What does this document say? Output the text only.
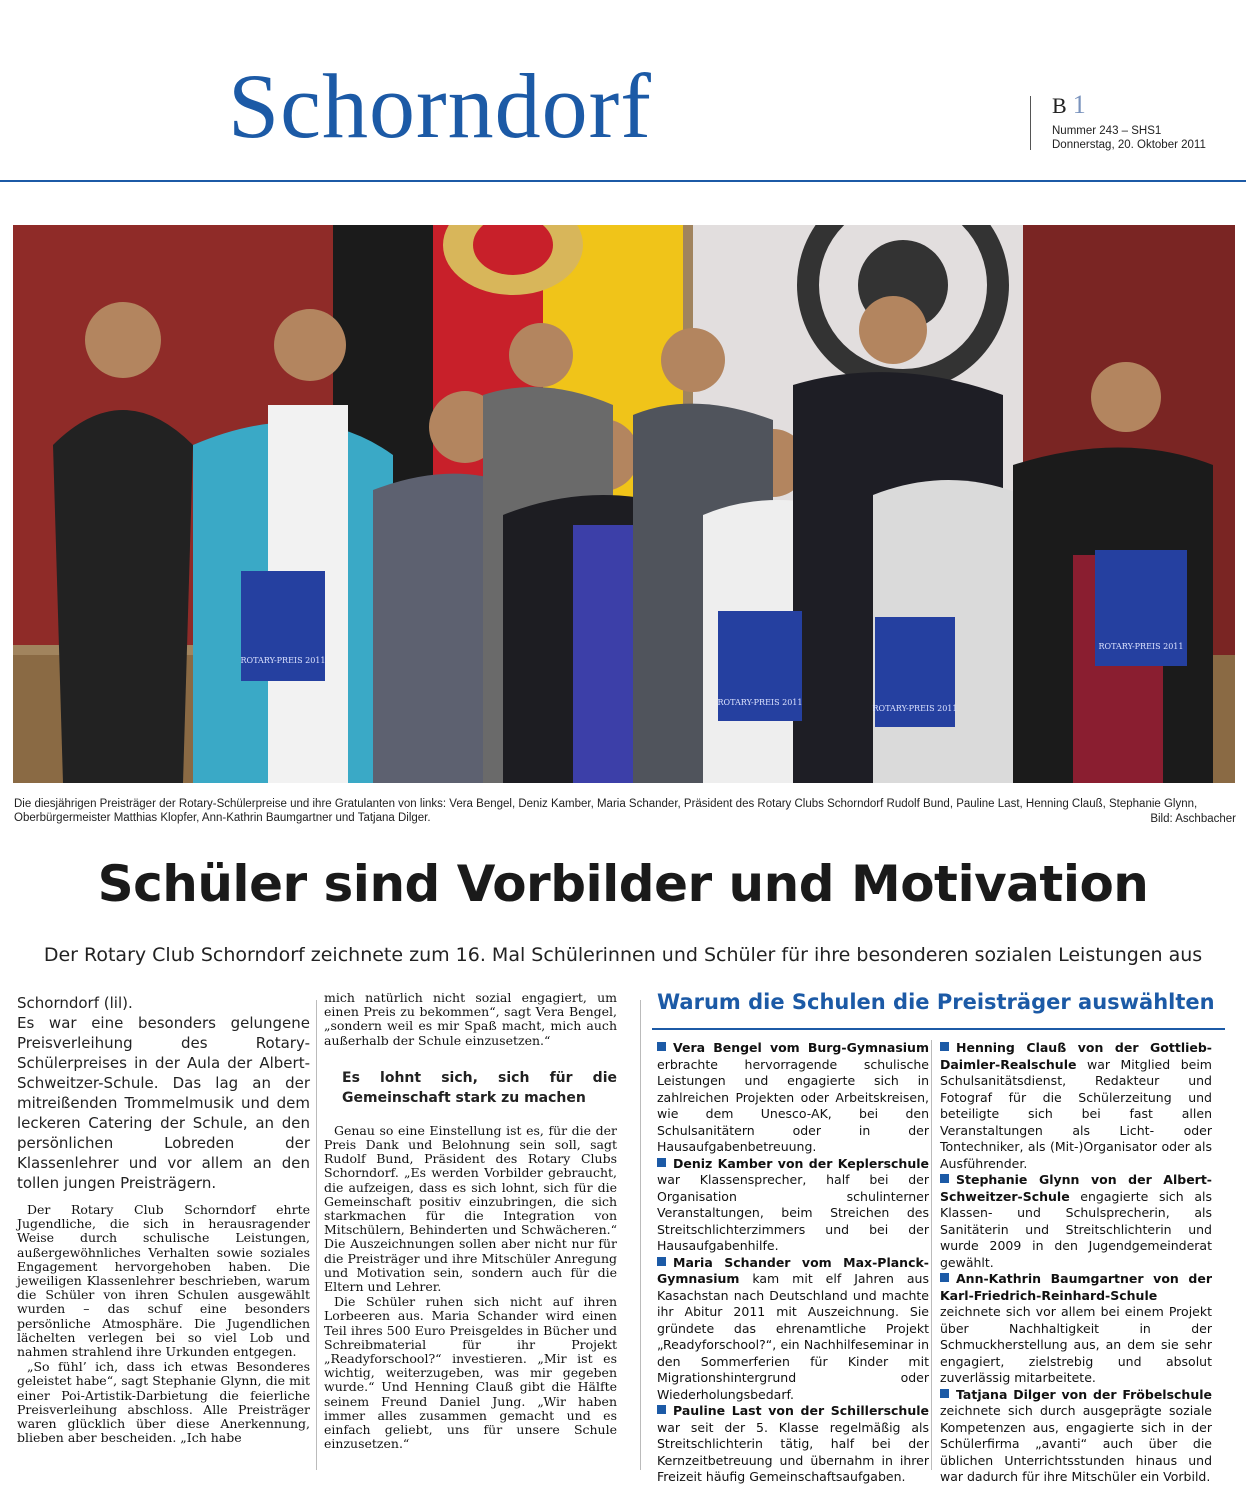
Schorndorf	B 1
Nummer 243 – SHS1
Donnerstag, 20. Oktober 2011
ROTARY-PREIS 2011
ROTARY-PREIS 2011
ROTARY-PREIS 2011
ROTARY-PREIS 2011
Die diesjährigen Preisträger der Rotary-Schülerpreise und ihre Gratulanten von links: Vera Bengel, Deniz Kamber, Maria Schander, Präsident des Rotary Clubs Schorndorf Rudolf Bund, Pauline Last, Henning Clauß, Stephanie Glynn, Oberbürgermeister Matthias Klopfer, Ann-Kathrin Baumgartner und Tatjana Dilger.	Bild: Aschbacher
Schüler sind Vorbilder und Motivation
Der Rotary Club Schorndorf zeichnete zum 16. Mal Schülerinnen und Schüler für ihre besonderen sozialen Leistungen aus
Schorndorf (lil).
Es war eine besonders gelungene Preisverleihung des Rotary-Schülerpreises in der Aula der Albert-Schweitzer-Schule. Das lag an der mitreißenden Trommelmusik und dem leckeren Catering der Schule, an den persönlichen Lobreden der Klassenlehrer und vor allem an den tollen jungen Preisträgern.

Der Rotary Club Schorndorf ehrte Jugendliche, die sich in herausragender Weise durch schulische Leistungen, außergewöhnliches Verhalten sowie soziales Engagement hervorgehoben haben. Die jeweiligen Klassenlehrer beschrieben, warum die Schüler von ihren Schulen ausgewählt wurden – das schuf eine besonders persönliche Atmosphäre. Die Jugendlichen lächelten verlegen bei so viel Lob und nahmen strahlend ihre Urkunden entgegen.

„So fühl’ ich, dass ich etwas Besonderes geleistet habe“, sagt Stephanie Glynn, die mit einer Poi-Artistik-Darbietung die feierliche Preisverleihung abschloss. Alle Preisträger waren glücklich über diese Anerkennung, blieben aber bescheiden. „Ich habe

mich natürlich nicht sozial engagiert, um einen Preis zu bekommen“, sagt Vera Bengel, „sondern weil es mir Spaß macht, mich auch außerhalb der Schule einzusetzen.“

Es lohnt sich, sich für die Gemeinschaft stark zu machen

Genau so eine Einstellung ist es, für die der Preis Dank und Belohnung sein soll, sagt Rudolf Bund, Präsident des Rotary Clubs Schorndorf. „Es werden Vorbilder gebraucht, die aufzeigen, dass es sich lohnt, sich für die Gemeinschaft positiv einzubringen, die sich starkmachen für die Integration von Mitschülern, Behinderten und Schwächeren.“ Die Auszeichnungen sollen aber nicht nur für die Preisträger und ihre Mitschüler Anregung und Motivation sein, sondern auch für die Eltern und Lehrer.

Die Schüler ruhen sich nicht auf ihren Lorbeeren aus. Maria Schander wird einen Teil ihres 500 Euro Preisgeldes in Bücher und Schreibmaterial für ihr Projekt „Readyforschool?“ investieren. „Mir ist es wichtig, weiterzugeben, was mir gegeben wurde.“ Und Henning Clauß gibt die Hälfte seinem Freund Daniel Jung. „Wir haben immer alles zusammen gemacht und es einfach geliebt, uns für unsere Schule einzusetzen.“

Warum die Schulen die Preisträger auswählten

Vera Bengel vom Burg-Gymnasium erbrachte hervorragende schulische Leistungen und engagierte sich in zahlreichen Projekten oder Arbeitskreisen, wie dem Unesco-AK, bei den Schulsanitätern oder in der Hausaufgabenbetreuung.

Deniz Kamber von der Keplerschule war Klassensprecher, half bei der Organisation schulinterner Veranstaltungen, beim Streichen des Streitschlichterzimmers und bei der Hausaufgabenhilfe.

Maria Schander vom Max-Planck-Gymnasium kam mit elf Jahren aus Kasachstan nach Deutschland und machte ihr Abitur 2011 mit Auszeichnung. Sie gründete das ehrenamtliche Projekt „Readyforschool?“, ein Nachhilfeseminar in den Sommerferien für Kinder mit Migrationshintergrund oder Wiederholungsbedarf.

Pauline Last von der Schillerschule war seit der 5. Klasse regelmäßig als Streitschlichterin tätig, half bei der Kernzeitbetreuung und übernahm in ihrer Freizeit häufig Gemeinschaftsaufgaben.

Henning Clauß von der Gottlieb-Daimler-Realschule war Mitglied beim Schulsanitätsdienst, Redakteur und Fotograf für die Schülerzeitung und beteiligte sich bei fast allen Veranstaltungen als Licht- oder Tontechniker, als (Mit-)Organisator oder als Ausführender.

Stephanie Glynn von der Albert-Schweitzer-Schule engagierte sich als Klassen- und Schulsprecherin, als Sanitäterin und Streitschlichterin und wurde 2009 in den Jugendgemeinderat gewählt.

Ann-Kathrin Baumgartner von der Karl-Friedrich-Reinhard-Schule zeichnete sich vor allem bei einem Projekt über Nachhaltigkeit in der Schmuckherstellung aus, an dem sie sehr engagiert, zielstrebig und absolut zuverlässig mitarbeitete.

Tatjana Dilger von der Fröbelschule zeichnete sich durch ausgeprägte soziale Kompetenzen aus, engagierte sich in der Schülerfirma „avanti“ auch über die üblichen Unterrichtsstunden hinaus und war dadurch für ihre Mitschüler ein Vorbild.
